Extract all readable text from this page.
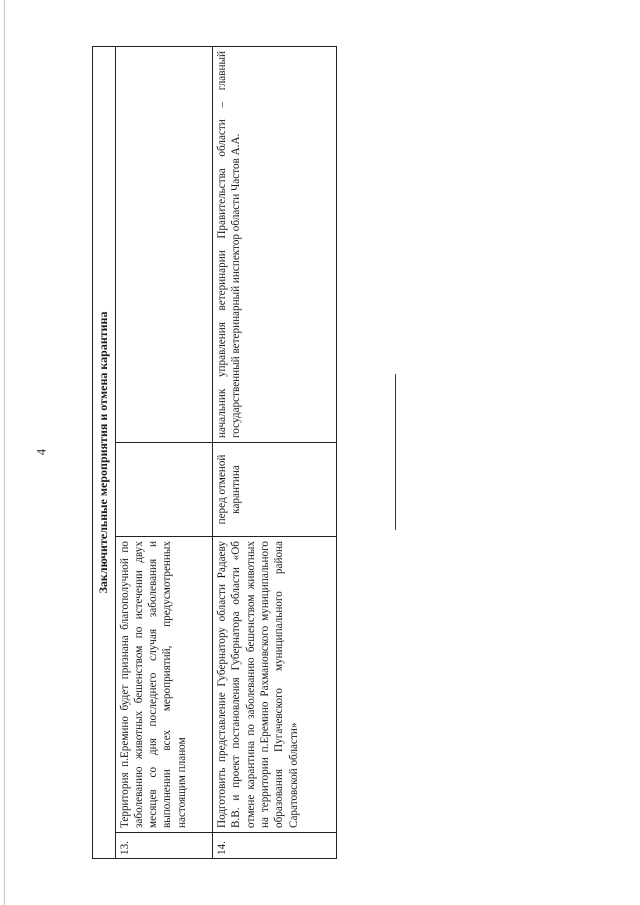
4	Заключительные мероприятия и отмена карантина			
13.	Территория п.Еремино будет признана благополучной по заболеванию животных бешенством по истечении двух месяцев со дня последнего случая заболевания и выполнении всех мероприятий, предусмотренных настоящим планом		
14.	Подготовить представление Губернатору области Радаеву В.В. и проект постановления Губернатора области «Об отмене карантина по заболеванию бешенством животных на территории п.Еремино Рахмановского муниципального образования Пугачевского муниципального района Саратовской области»	перед отменой карантина	начальник управления ветеринарии Правительства области – главный государственный ветеринарный инспектор области Частов А.А.
